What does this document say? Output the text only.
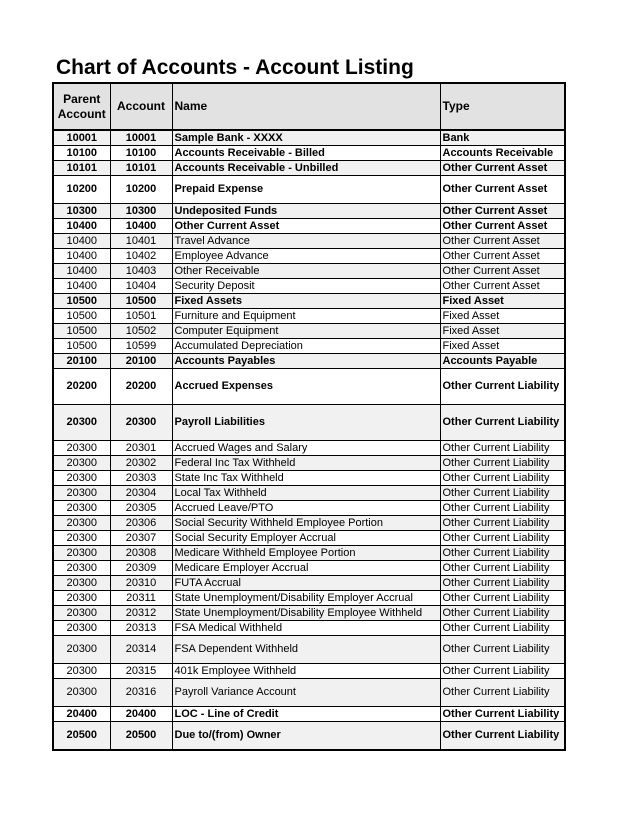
Chart of Accounts - Account Listing
Parent Account	Account	Name	Type
10001	10001	Sample Bank - XXXX	Bank
10100	10100	Accounts Receivable - Billed	Accounts Receivable
10101	10101	Accounts Receivable - Unbilled	Other Current Asset
10200	10200	Prepaid Expense	Other Current Asset
10300	10300	Undeposited Funds	Other Current Asset
10400	10400	Other Current Asset	Other Current Asset
10400	10401	Travel Advance	Other Current Asset
10400	10402	Employee Advance	Other Current Asset
10400	10403	Other Receivable	Other Current Asset
10400	10404	Security Deposit	Other Current Asset
10500	10500	Fixed Assets	Fixed Asset
10500	10501	Furniture and Equipment	Fixed Asset
10500	10502	Computer Equipment	Fixed Asset
10500	10599	Accumulated Depreciation	Fixed Asset
20100	20100	Accounts Payables	Accounts Payable
20200	20200	Accrued Expenses	Other Current Liability
20300	20300	Payroll Liabilities	Other Current Liability
20300	20301	Accrued Wages and Salary	Other Current Liability
20300	20302	Federal Inc Tax Withheld	Other Current Liability
20300	20303	State Inc Tax Withheld	Other Current Liability
20300	20304	Local Tax Withheld	Other Current Liability
20300	20305	Accrued Leave/PTO	Other Current Liability
20300	20306	Social Security Withheld Employee Portion	Other Current Liability
20300	20307	Social Security Employer Accrual	Other Current Liability
20300	20308	Medicare Withheld Employee Portion	Other Current Liability
20300	20309	Medicare Employer Accrual	Other Current Liability
20300	20310	FUTA Accrual	Other Current Liability
20300	20311	State Unemployment/Disability Employer Accrual	Other Current Liability
20300	20312	State Unemployment/Disability Employee Withheld	Other Current Liability
20300	20313	FSA Medical Withheld	Other Current Liability
20300	20314	FSA Dependent Withheld	Other Current Liability
20300	20315	401k Employee Withheld	Other Current Liability
20300	20316	Payroll Variance Account	Other Current Liability
20400	20400	LOC - Line of Credit	Other Current Liability
20500	20500	Due to/(from) Owner	Other Current Liability
